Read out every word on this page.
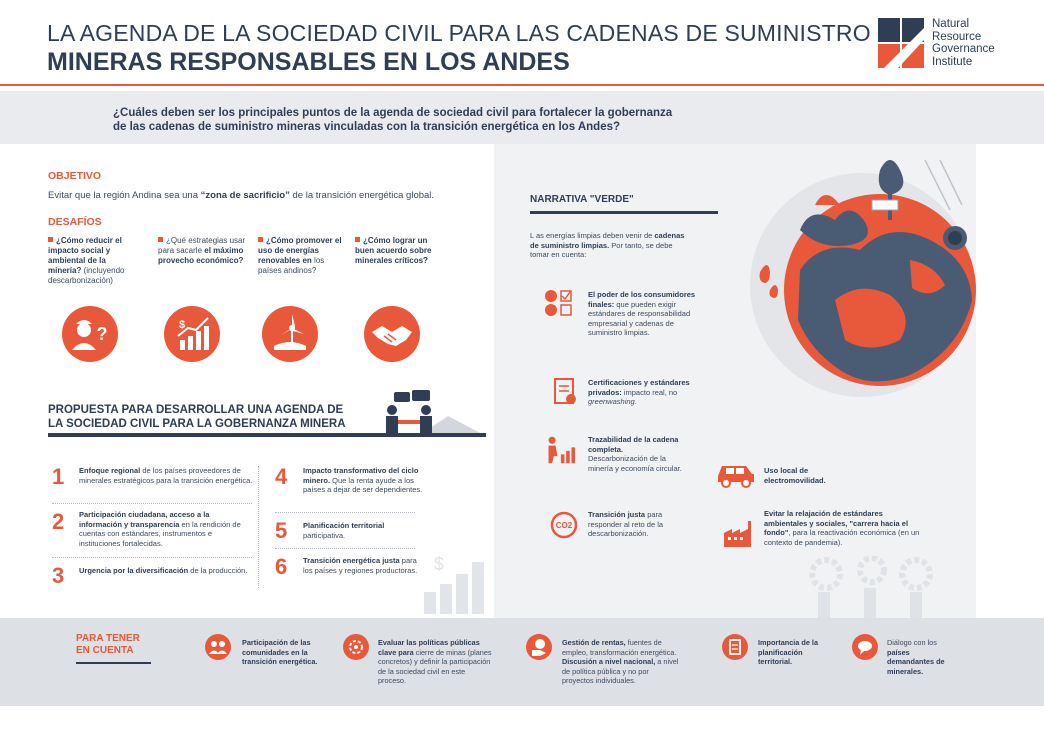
LA AGENDA DE LA SOCIEDAD CIVIL PARA LAS CADENAS DE SUMINISTRO
MINERAS RESPONSABLES EN LOS ANDES
Natural
Resource
Governance
Institute
¿Cuáles deben ser los principales puntos de la agenda de sociedad civil para fortalecer la gobernanza
de las cadenas de suministro mineras vinculadas con la transición energética en los Andes?
OBJETIVO
Evitar que la región Andina sea una “zona de sacrificio” de la transición energética global.
DESAFÍOS
¿Cómo reducir el impacto social y ambiental de la minería? (incluyendo descarbonización)
¿Qué estrategias usar para sacarle el máximo provecho económico?
¿Cómo promover el uso de energías renovables en los países andinos?
¿Cómo lograr un buen acuerdo sobre minerales críticos?
?	$
PROPUESTA PARA DESARROLLAR UNA AGENDA DE
LA SOCIEDAD CIVIL PARA LA GOBERNANZA MINERA
1 Enfoque regional de los países proveedores de minerales estratégicos para la transición energética.
2 Participación ciudadana, acceso a la información y transparencia en la rendición de cuentas con estándares, instrumentos e instituciones fortalecidas.
3 Urgencia por la diversificación de la producción.
4 Impacto transformativo del ciclo minero. Que la renta ayude a los países a dejar de ser dependientes.
5 Planificación territorial participativa.
6 Transición energética justa para los países y regiones productoras. $
NARRATIVA "VERDE"
L as energías limpias deben venir de cadenas de suministro limpias. Por tanto, se debe tomar en cuenta:
El poder de los consumidores finales: que pueden exigir estándares de responsabilidad empresarial y cadenas de suministro limpias.
Certificaciones y estándares privados: impacto real, no greenwashing.
Trazabilidad de la cadena completa. Descarbonización de la minería y economía circular.	Uso local de electromovilidad.
CO2
Transición justa para responder al reto de la descarbonización.
Evitar la relajación de estándares ambientales y sociales, "carrera hacia el fondo", para la reactivación económica (en un contexto de pandemia).
PARA TENER
EN CUENTA
Participación de las comunidades en la transición energética.
Evaluar las políticas públicas clave para cierre de minas (planes concretos) y definir la participación de la sociedad civil en este proceso.
Gestión de rentas, fuentes de empleo, transformación energética. Discusión a nivel nacional, a nivel de política pública y no por proyectos individuales.
Importancia de la planificación territorial.
Diálogo con los países demandantes de minerales.
